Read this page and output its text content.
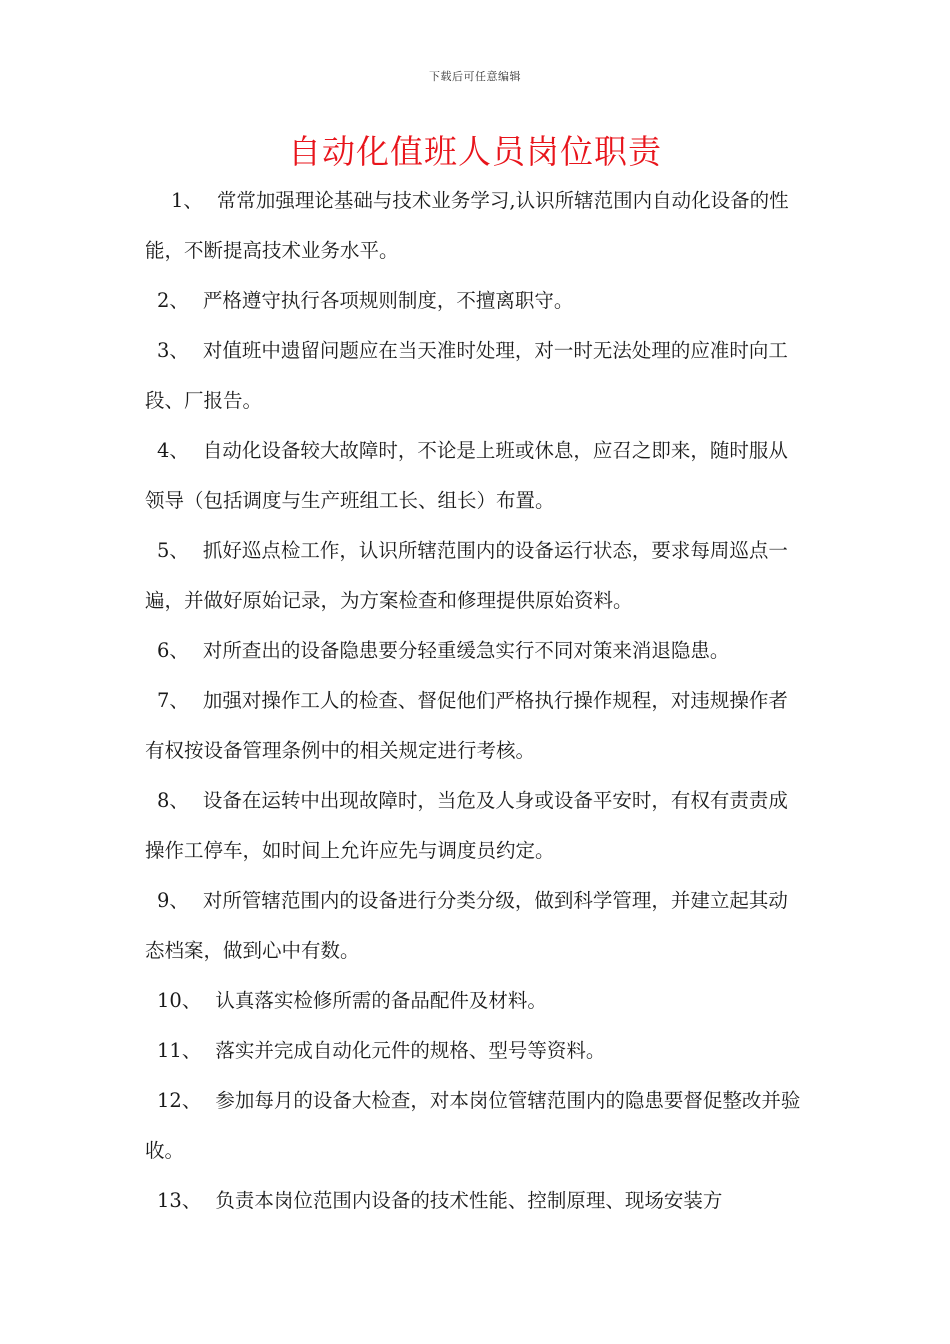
下载后可任意编辑
自动化值班人员岗位职责

1、 常常加强理论基础与技术业务学习,认识所辖范围内自动化设备的性能，不断提高技术业务水平。

2、 严格遵守执行各项规则制度，不擅离职守。

3、 对值班中遗留问题应在当天准时处理，对一时无法处理的应准时向工段、厂报告。

4、 自动化设备较大故障时，不论是上班或休息，应召之即来，随时服从领导（包括调度与生产班组工长、组长）布置。

5、 抓好巡点检工作，认识所辖范围内的设备运行状态，要求每周巡点一遍，并做好原始记录，为方案检查和修理提供原始资料。

6、 对所查出的设备隐患要分轻重缓急实行不同对策来消退隐患。

7、 加强对操作工人的检查、督促他们严格执行操作规程，对违规操作者有权按设备管理条例中的相关规定进行考核。

8、 设备在运转中出现故障时，当危及人身或设备平安时，有权有责责成操作工停车，如时间上允许应先与调度员约定。

9、 对所管辖范围内的设备进行分类分级，做到科学管理，并建立起其动态档案，做到心中有数。

10、 认真落实检修所需的备品配件及材料。

11、 落实并完成自动化元件的规格、型号等资料。

12、 参加每月的设备大检查，对本岗位管辖范围内的隐患要督促整改并验收。

13、 负责本岗位范围内设备的技术性能、控制原理、现场安装方
